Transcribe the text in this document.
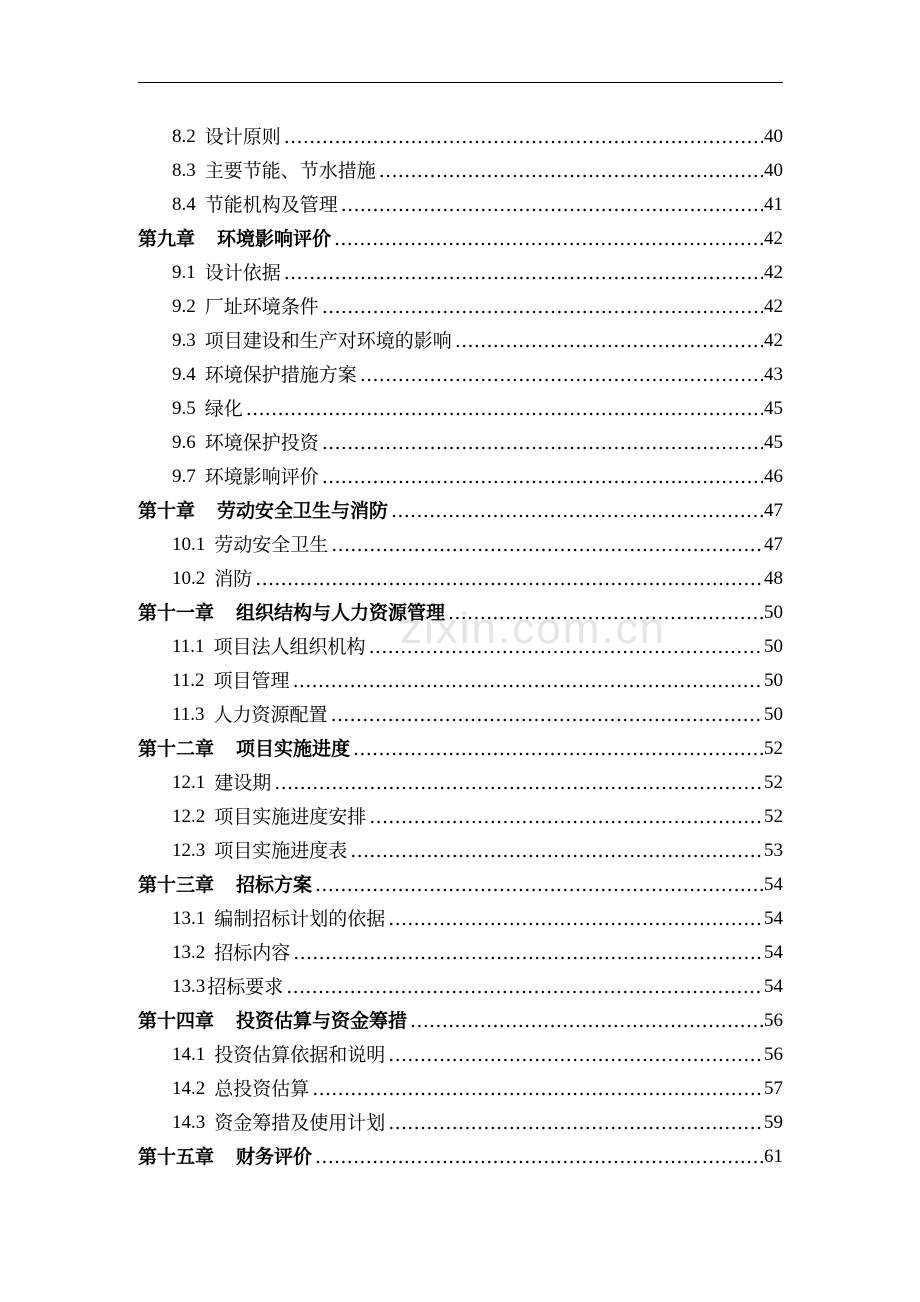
8.2 设计原则 .....	40
8.3 主要节能、节水措施 .....	40
8.4 节能机构及管理 .....	41
第九章 环境影响评价 .....	42
9.1 设计依据 .....	42
9.2 厂址环境条件 .....	42
9.3 项目建设和生产对环境的影响 .....	42
9.4 环境保护措施方案 .....	43
9.5 绿化 .....	45
9.6 环境保护投资 .....	45
9.7 环境影响评价 .....	46
第十章 劳动安全卫生与消防 .....	47
10.1 劳动安全卫生 .....	47
10.2 消防 .....	48
第十一章 组织结构与人力资源管理 .....	50
11.1 项目法人组织机构 .....	50
11.2 项目管理 .....	50
11.3 人力资源配置 .....	50
第十二章 项目实施进度 .....	52
12.1 建设期 .....	52
12.2 项目实施进度安排 .....	52
12.3 项目实施进度表 .....	53
第十三章 招标方案 .....	54
13.1 编制招标计划的依据 .....	54
13.2 招标内容 .....	54
13.3 招标要求 .....	54
第十四章 投资估算与资金筹措 .....	56
14.1 投资估算依据和说明 .....	56
14.2 总投资估算 .....	57
14.3 资金筹措及使用计划 .....	59
第十五章 财务评价 .....	61
zixin.com.cn
